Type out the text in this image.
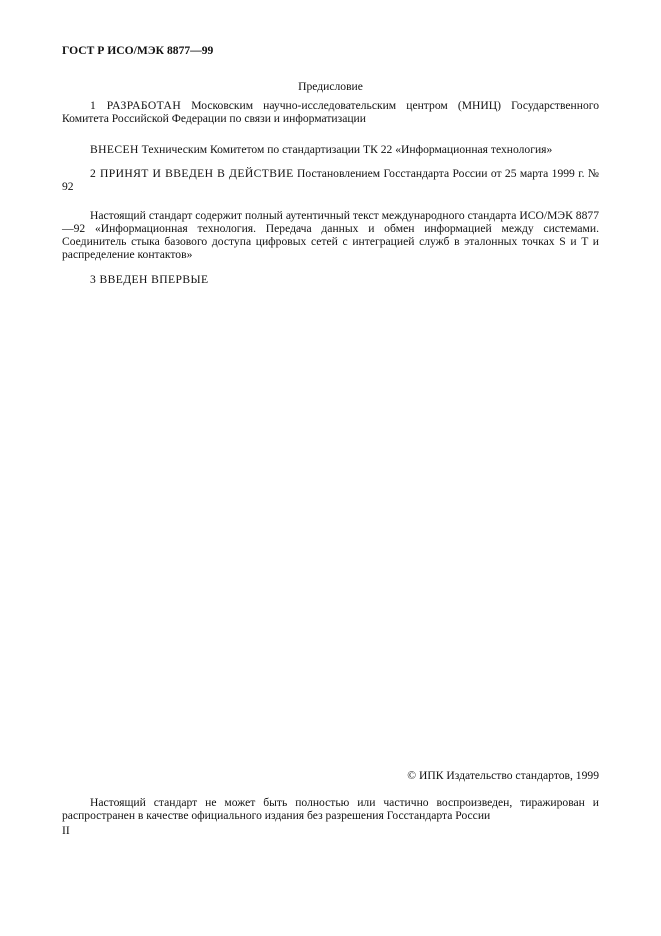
ГОСТ Р ИСО/МЭК 8877—99
Предисловие

1 РАЗРАБОТАН Московским научно-исследовательским центром (МНИЦ) Государственного Комитета Российской Федерации по связи и информатизации

ВНЕСЕН Техническим Комитетом по стандартизации ТК 22 «Информационная технология»

2 ПРИНЯТ И ВВЕДЕН В ДЕЙСТВИЕ Постановлением Госстандарта России от 25 марта 1999 г. № 92

Настоящий стандарт содержит полный аутентичный текст международного стандарта ИСО/МЭК 8877—92 «Информационная технология. Передача данных и обмен информацией между системами. Соединитель стыка базового доступа цифровых сетей с интеграцией служб в эталонных точках S и T и распределение контактов»

3 ВВЕДЕН ВПЕРВЫЕ

© ИПК Издательство стандартов, 1999

Настоящий стандарт не может быть полностью или частично воспроизведен, тиражирован и распространен в качестве официального издания без разрешения Госстандарта России

II
